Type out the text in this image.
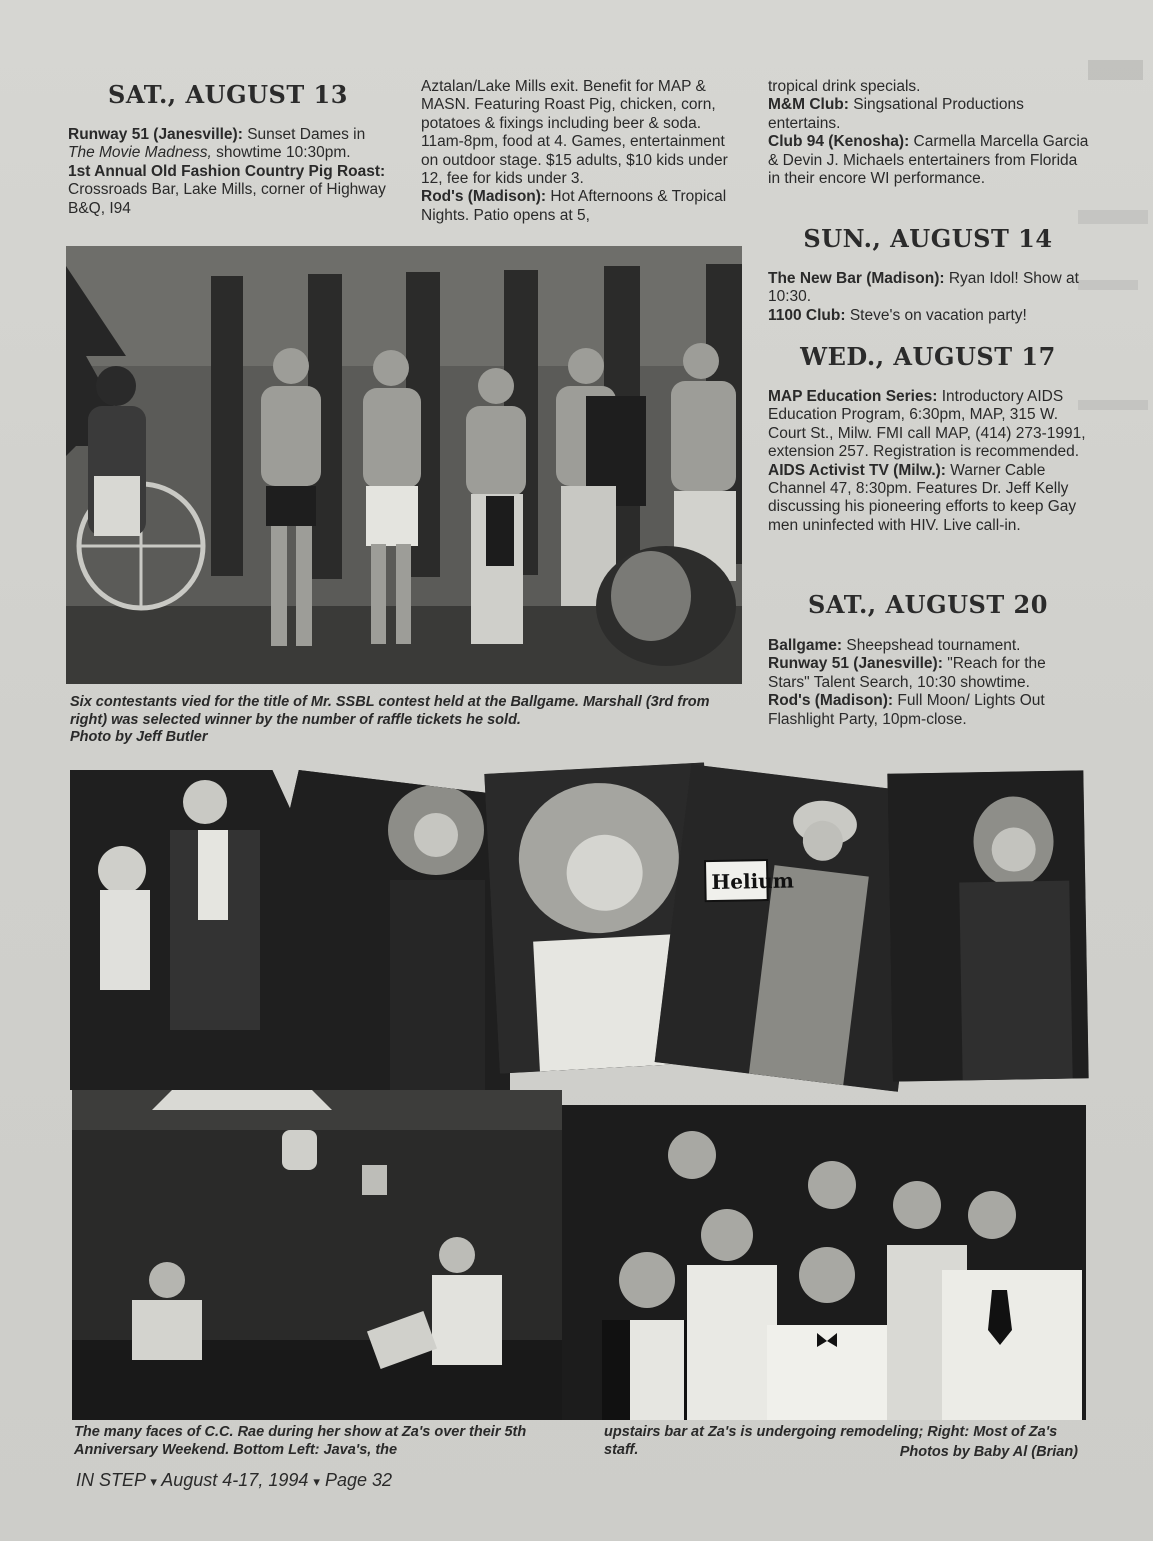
SAT., AUGUST 13

Runway 51 (Janesville): Sunset Dames in The Movie Madness, showtime 10:30pm.

1st Annual Old Fashion Country Pig Roast: Crossroads Bar, Lake Mills, corner of Highway B&Q, I94

Aztalan/Lake Mills exit. Benefit for MAP & MASN. Featuring Roast Pig, chicken, corn, potatoes & fixings including beer & soda. 11am-8pm, food at 4. Games, entertainment on outdoor stage. $15 adults, $10 kids under 12, fee for kids under 3.

Rod's (Madison): Hot Afternoons & Tropical Nights. Patio opens at 5,

tropical drink specials.

M&M Club: Singsational Productions entertains.

Club 94 (Kenosha): Carmella Marcella Garcia & Devin J. Michaels entertainers from Florida in their encore WI performance.

SUN., AUGUST 14

The New Bar (Madison): Ryan Idol! Show at 10:30.

1100 Club: Steve's on vacation party!

WED., AUGUST 17

MAP Education Series: Introductory AIDS Education Program, 6:30pm, MAP, 315 W. Court St., Milw. FMI call MAP, (414) 273-1991, extension 257. Registration is recommended.

AIDS Activist TV (Milw.): Warner Cable Channel 47, 8:30pm. Features Dr. Jeff Kelly discussing his pioneering efforts to keep Gay men uninfected with HIV. Live call-in.

SAT., AUGUST 20

Ballgame: Sheepshead tournament.

Runway 51 (Janesville): "Reach for the Stars" Talent Search, 10:30 showtime.

Rod's (Madison): Full Moon/ Lights Out Flashlight Party, 10pm-close.

Six contestants vied for the title of Mr. SSBL contest held at the Ballgame. Marshall (3rd from right) was selected winner by the number of raffle tickets he sold.

Photo by Jeff Butler

Helium
The many faces of C.C. Rae during her show at Za's over their 5th Anniversary Weekend. Bottom Left: Java's, the

upstairs bar at Za's is undergoing remodeling; Right: Most of Za's staff.	Photos by Baby Al (Brian)
IN STEP ▾ August 4-17, 1994 ▾ Page 32
